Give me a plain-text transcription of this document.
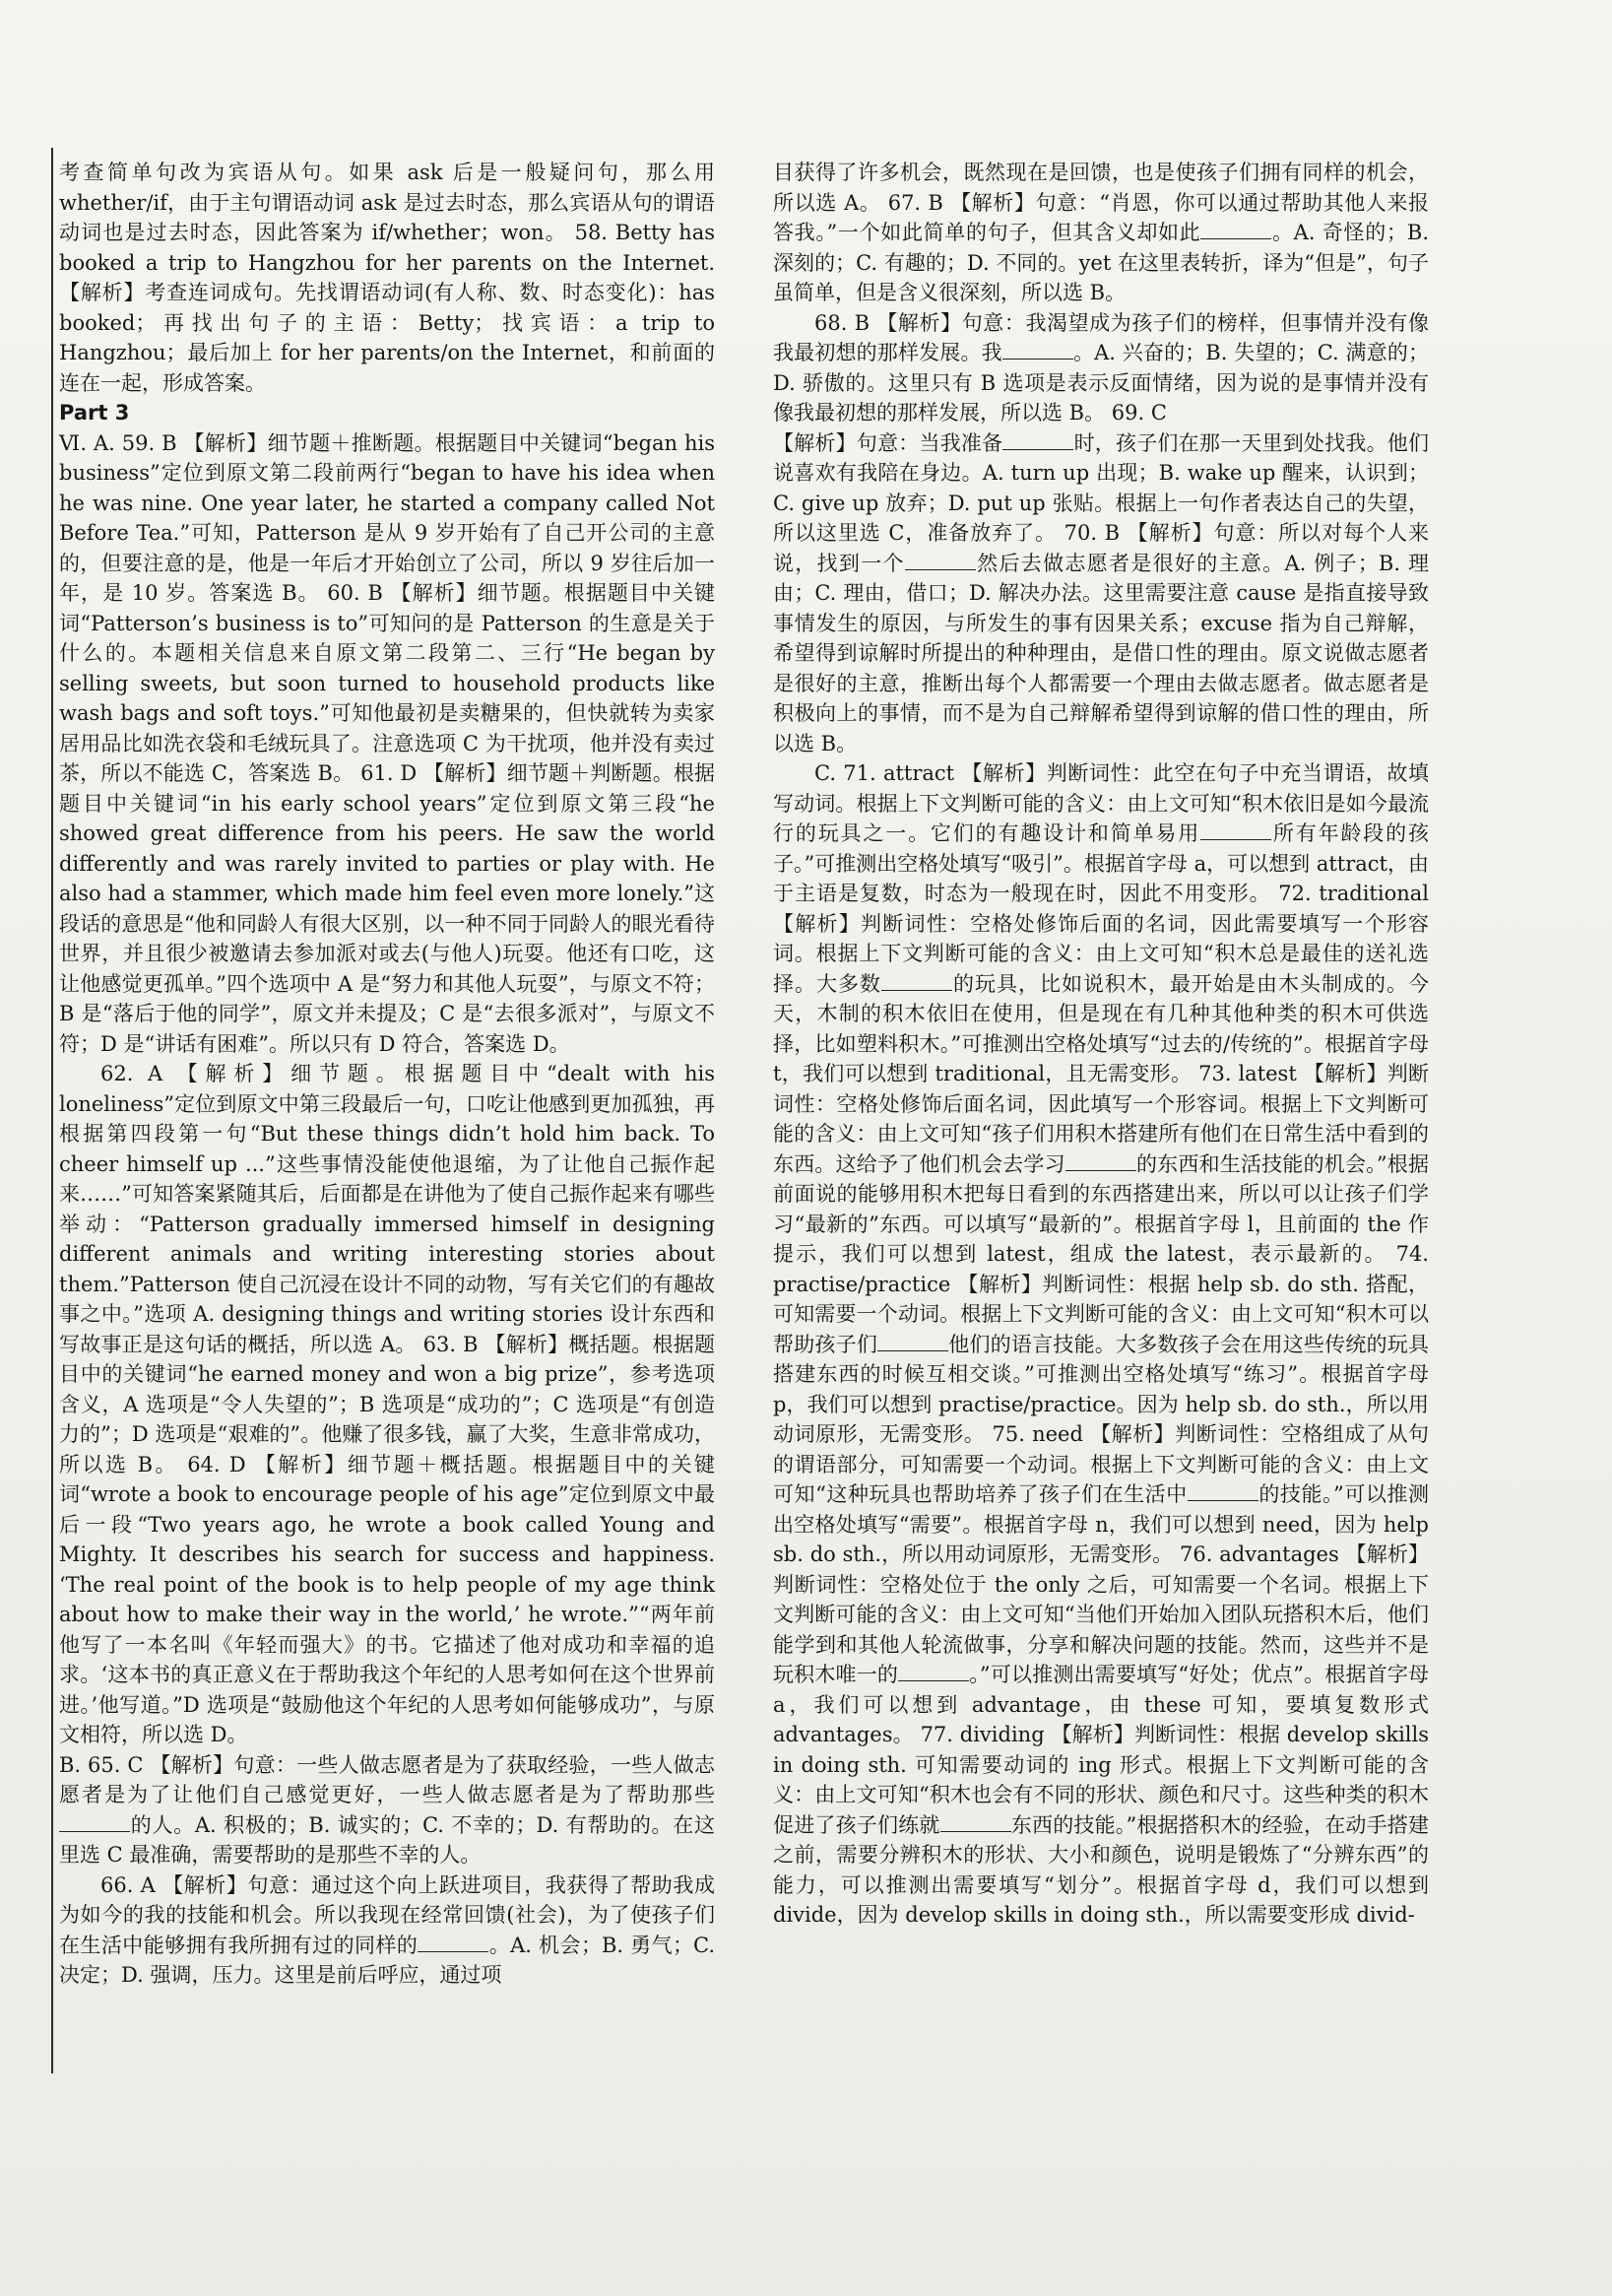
考查简单句改为宾语从句。如果 ask 后是一般疑问句，那么用 whether/if，由于主句谓语动词 ask 是过去时态，那么宾语从句的谓语动词也是过去时态，因此答案为 if/whether；won。 58. Betty has booked a trip to Hangzhou for her parents on the Internet. 【解析】考查连词成句。先找谓语动词(有人称、数、时态变化)：has booked；再找出句子的主语：Betty；找宾语：a trip to Hangzhou；最后加上 for her parents/on the Internet，和前面的连在一起，形成答案。

Part 3

Ⅵ. A. 59. B 【解析】细节题＋推断题。根据题目中关键词“began his business”定位到原文第二段前两行“began to have his idea when he was nine. One year later, he started a company called Not Before Tea.”可知，Patterson 是从 9 岁开始有了自己开公司的主意的，但要注意的是，他是一年后才开始创立了公司，所以 9 岁往后加一年，是 10 岁。答案选 B。 60. B 【解析】细节题。根据题目中关键词“Patterson’s business is to”可知问的是 Patterson 的生意是关于什么的。本题相关信息来自原文第二段第二、三行“He began by selling sweets, but soon turned to household products like wash bags and soft toys.”可知他最初是卖糖果的，但快就转为卖家居用品比如洗衣袋和毛绒玩具了。注意选项 C 为干扰项，他并没有卖过茶，所以不能选 C，答案选 B。 61. D 【解析】细节题＋判断题。根据题目中关键词“in his early school years”定位到原文第三段“he showed great difference from his peers. He saw the world differently and was rarely invited to parties or play with. He also had a stammer, which made him feel even more lonely.”这段话的意思是“他和同龄人有很大区别，以一种不同于同龄人的眼光看待世界，并且很少被邀请去参加派对或去(与他人)玩耍。他还有口吃，这让他感觉更孤单。”四个选项中 A 是“努力和其他人玩耍”，与原文不符；B 是“落后于他的同学”，原文并未提及；C 是“去很多派对”，与原文不符；D 是“讲话有困难”。所以只有 D 符合，答案选 D。

62. A 【解析】细节题。根据题目中“dealt with his loneliness”定位到原文中第三段最后一句，口吃让他感到更加孤独，再根据第四段第一句“But these things didn’t hold him back. To cheer himself up ...”这些事情没能使他退缩，为了让他自己振作起来……”可知答案紧随其后，后面都是在讲他为了使自己振作起来有哪些举动：“Patterson gradually immersed himself in designing different animals and writing interesting stories about them.”Patterson 使自己沉浸在设计不同的动物，写有关它们的有趣故事之中。”选项 A. designing things and writing stories 设计东西和写故事正是这句话的概括，所以选 A。 63. B 【解析】概括题。根据题目中的关键词“he earned money and won a big prize”，参考选项含义，A 选项是“令人失望的”；B 选项是“成功的”；C 选项是“有创造力的”；D 选项是“艰难的”。他赚了很多钱，赢了大奖，生意非常成功，所以选 B。 64. D 【解析】细节题＋概括题。根据题目中的关键词“wrote a book to encourage people of his age”定位到原文中最后一段“Two years ago, he wrote a book called Young and Mighty. It describes his search for success and happiness. ‘The real point of the book is to help people of my age think about how to make their way in the world,’ he wrote.”“两年前他写了一本名叫《年轻而强大》的书。它描述了他对成功和幸福的追求。‘这本书的真正意义在于帮助我这个年纪的人思考如何在这个世界前进。’他写道。”D 选项是“鼓励他这个年纪的人思考如何能够成功”，与原文相符，所以选 D。

B. 65. C 【解析】句意：一些人做志愿者是为了获取经验，一些人做志愿者是为了让他们自己感觉更好，一些人做志愿者是为了帮助那些的人。A. 积极的；B. 诚实的；C. 不幸的；D. 有帮助的。在这里选 C 最准确，需要帮助的是那些不幸的人。

66. A 【解析】句意：通过这个向上跃进项目，我获得了帮助我成为如今的我的技能和机会。所以我现在经常回馈(社会)，为了使孩子们在生活中能够拥有我所拥有过的同样的	。A. 机会；B. 勇气；C. 决定；D. 强调，压力。这里是前后呼应，通过项

目获得了许多机会，既然现在是回馈，也是使孩子们拥有同样的机会，所以选 A。 67. B 【解析】句意：“肖恩，你可以通过帮助其他人来报答我。”一个如此简单的句子，但其含义却如此	。A. 奇怪的；B. 深刻的；C. 有趣的；D. 不同的。yet 在这里表转折，译为“但是”，句子虽简单，但是含义很深刻，所以选 B。

68. B 【解析】句意：我渴望成为孩子们的榜样，但事情并没有像我最初想的那样发展。我	。A. 兴奋的；B. 失望的；C. 满意的；D. 骄傲的。这里只有 B 选项是表示反面情绪，因为说的是事情并没有像我最初想的那样发展，所以选 B。 69. C

【解析】句意：当我准备	时，孩子们在那一天里到处找我。他们说喜欢有我陪在身边。A. turn up 出现；B. wake up 醒来，认识到；C. give up 放弃；D. put up 张贴。根据上一句作者表达自己的失望，所以这里选 C，准备放弃了。 70. B 【解析】句意：所以对每个人来说，找到一个	然后去做志愿者是很好的主意。A. 例子；B. 理由；C. 理由，借口；D. 解决办法。这里需要注意 cause 是指直接导致事情发生的原因，与所发生的事有因果关系；excuse 指为自己辩解，希望得到谅解时所提出的种种理由，是借口性的理由。原文说做志愿者是很好的主意，推断出每个人都需要一个理由去做志愿者。做志愿者是积极向上的事情，而不是为自己辩解希望得到谅解的借口性的理由，所以选 B。

C. 71. attract 【解析】判断词性：此空在句子中充当谓语，故填写动词。根据上下文判断可能的含义：由上文可知“积木依旧是如今最流行的玩具之一。它们的有趣设计和简单易用	所有年龄段的孩子。”可推测出空格处填写“吸引”。根据首字母 a，可以想到 attract，由于主语是复数，时态为一般现在时，因此不用变形。 72. traditional 【解析】判断词性：空格处修饰后面的名词，因此需要填写一个形容词。根据上下文判断可能的含义：由上文可知“积木总是最佳的送礼选择。大多数	的玩具，比如说积木，最开始是由木头制成的。今天，木制的积木依旧在使用，但是现在有几种其他种类的积木可供选择，比如塑料积木。”可推测出空格处填写“过去的/传统的”。根据首字母 t，我们可以想到 traditional，且无需变形。 73. latest 【解析】判断词性：空格处修饰后面名词，因此填写一个形容词。根据上下文判断可能的含义：由上文可知“孩子们用积木搭建所有他们在日常生活中看到的东西。这给予了他们机会去学习	的东西和生活技能的机会。”根据前面说的能够用积木把每日看到的东西搭建出来，所以可以让孩子们学习“最新的”东西。可以填写“最新的”。根据首字母 l，且前面的 the 作提示，我们可以想到 latest，组成 the latest，表示最新的。 74. practise/practice 【解析】判断词性：根据 help sb. do sth. 搭配，可知需要一个动词。根据上下文判断可能的含义：由上文可知“积木可以帮助孩子们	他们的语言技能。大多数孩子会在用这些传统的玩具搭建东西的时候互相交谈。”可推测出空格处填写“练习”。根据首字母 p，我们可以想到 practise/practice。因为 help sb. do sth.，所以用动词原形，无需变形。 75. need 【解析】判断词性：空格组成了从句的谓语部分，可知需要一个动词。根据上下文判断可能的含义：由上文可知“这种玩具也帮助培养了孩子们在生活中	的技能。”可以推测出空格处填写“需要”。根据首字母 n，我们可以想到 need，因为 help sb. do sth.，所以用动词原形，无需变形。 76. advantages 【解析】判断词性：空格处位于 the only 之后，可知需要一个名词。根据上下文判断可能的含义：由上文可知“当他们开始加入团队玩搭积木后，他们能学到和其他人轮流做事，分享和解决问题的技能。然而，这些并不是玩积木唯一的	。”可以推测出需要填写“好处；优点”。根据首字母 a，我们可以想到 advantage，由 these 可知，要填复数形式 advantages。 77. dividing 【解析】判断词性：根据 develop skills in doing sth. 可知需要动词的 ing 形式。根据上下文判断可能的含义：由上文可知“积木也会有不同的形状、颜色和尺寸。这些种类的积木促进了孩子们练就	东西的技能。”根据搭积木的经验，在动手搭建之前，需要分辨积木的形状、大小和颜色，说明是锻炼了“分辨东西”的能力，可以推测出需要填写“划分”。根据首字母 d，我们可以想到 divide，因为 develop skills in doing sth.，所以需要变形成 divid-
